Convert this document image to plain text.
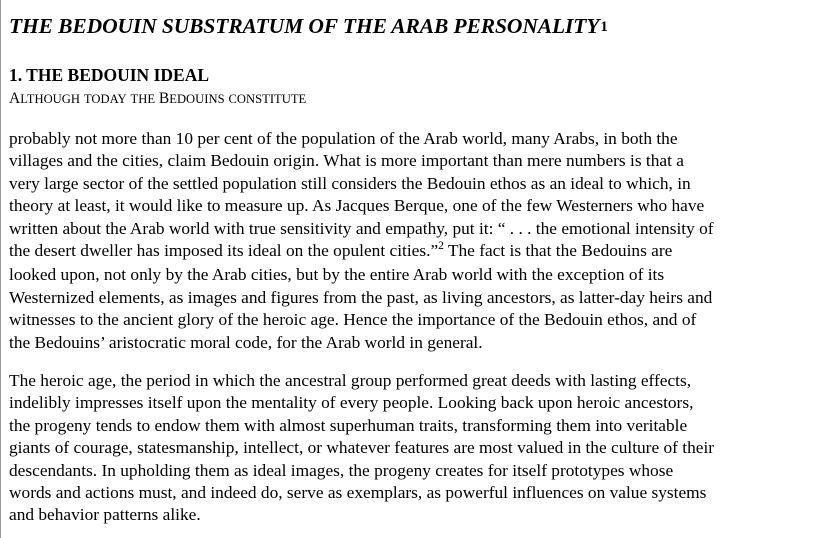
THE BEDOUIN SUBSTRATUM OF THE ARAB PERSONALITY$^1$
1. THE BEDOUIN IDEAL

ALTHOUGH TODAY THE BEDOUINS CONSTITUTE

probably not more than 10 per cent of the population of the Arab world, many Arabs, in both the
villages and the cities, claim Bedouin origin. What is more important than mere numbers is that a
very large sector of the settled population still considers the Bedouin ethos as an ideal to which, in
theory at least, it would like to measure up. As Jacques Berque, one of the few Westerners who have
written about the Arab world with true sensitivity and empathy, put it: “ . . . the emotional intensity of
the desert dweller has imposed its ideal on the opulent cities.”$^2$ The fact is that the Bedouins are
looked upon, not only by the Arab cities, but by the entire Arab world with the exception of its
Westernized elements, as images and figures from the past, as living ancestors, as latter-day heirs and
witnesses to the ancient glory of the heroic age. Hence the importance of the Bedouin ethos, and of
the Bedouins’ aristocratic moral code, for the Arab world in general.

The heroic age, the period in which the ancestral group performed great deeds with lasting effects,
indelibly impresses itself upon the mentality of every people. Looking back upon heroic ancestors,
the progeny tends to endow them with almost superhuman traits, transforming them into veritable
giants of courage, statesmanship, intellect, or whatever features are most valued in the culture of their
descendants. In upholding them as ideal images, the progeny creates for itself prototypes whose
words and actions must, and indeed do, serve as exemplars, as powerful influences on value systems
and behavior patterns alike.
